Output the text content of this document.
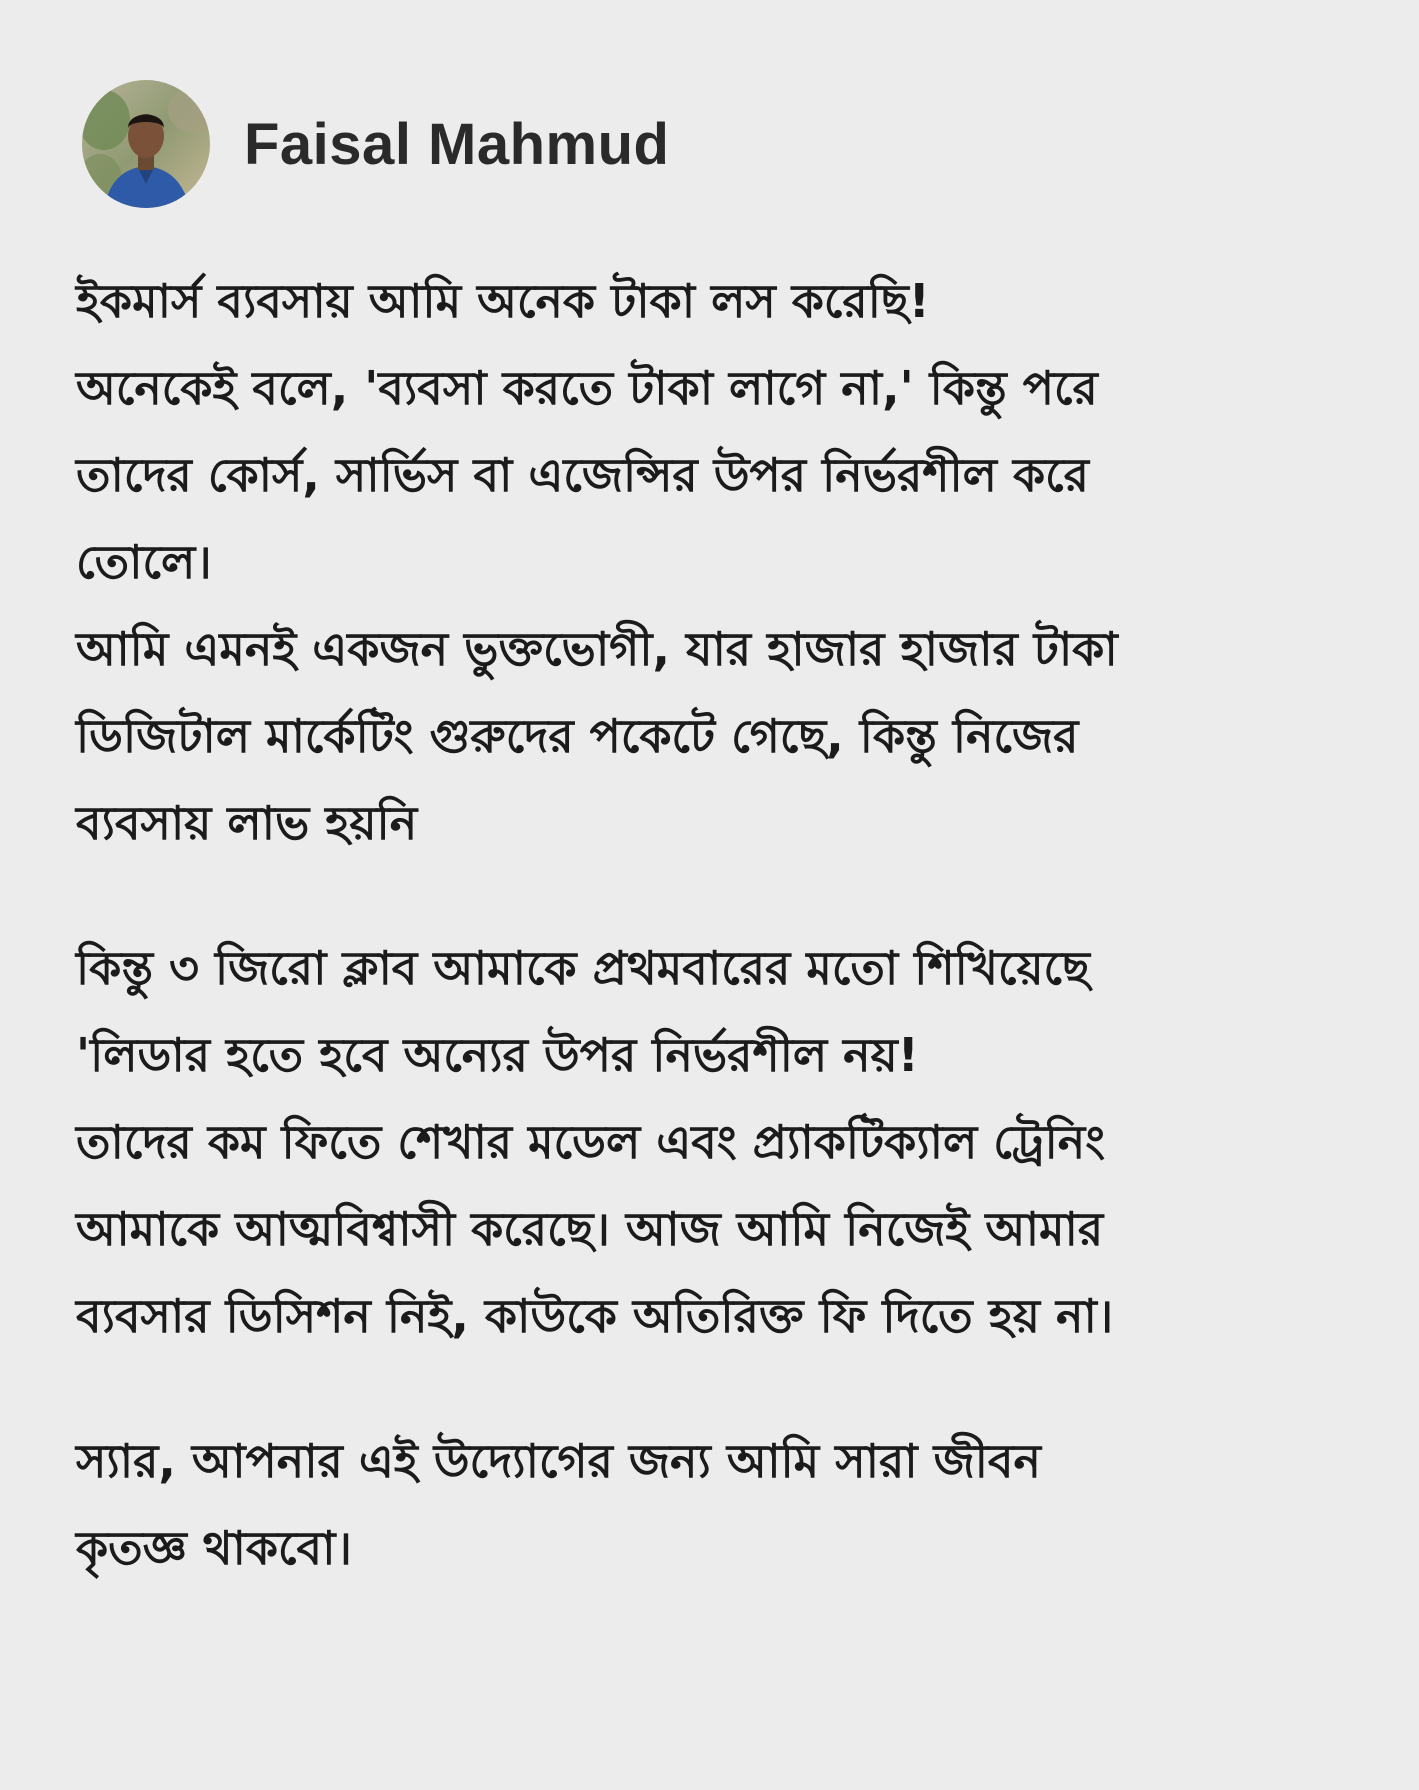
Faisal Mahmud
ইকমার্স ব্যবসায় আমি অনেক টাকা লস করেছি!
অনেকেই বলে, 'ব্যবসা করতে টাকা লাগে না,' কিন্তু পরে
তাদের কোর্স, সার্ভিস বা এজেন্সির উপর নির্ভরশীল করে
তোলে।
আমি এমনই একজন ভুক্তভোগী, যার হাজার হাজার টাকা
ডিজিটাল মার্কেটিং গুরুদের পকেটে গেছে, কিন্তু নিজের
ব্যবসায় লাভ হয়নি
কিন্তু ৩ জিরো ক্লাব আমাকে প্রথমবারের মতো শিখিয়েছে
'লিডার হতে হবে অন্যের উপর নির্ভরশীল নয়!
তাদের কম ফিতে শেখার মডেল এবং প্র্যাকটিক্যাল ট্রেনিং
আমাকে আত্মবিশ্বাসী করেছে। আজ আমি নিজেই আমার
ব্যবসার ডিসিশন নিই, কাউকে অতিরিক্ত ফি দিতে হয় না।
স্যার, আপনার এই উদ্যোগের জন্য আমি সারা জীবন
কৃতজ্ঞ থাকবো।
